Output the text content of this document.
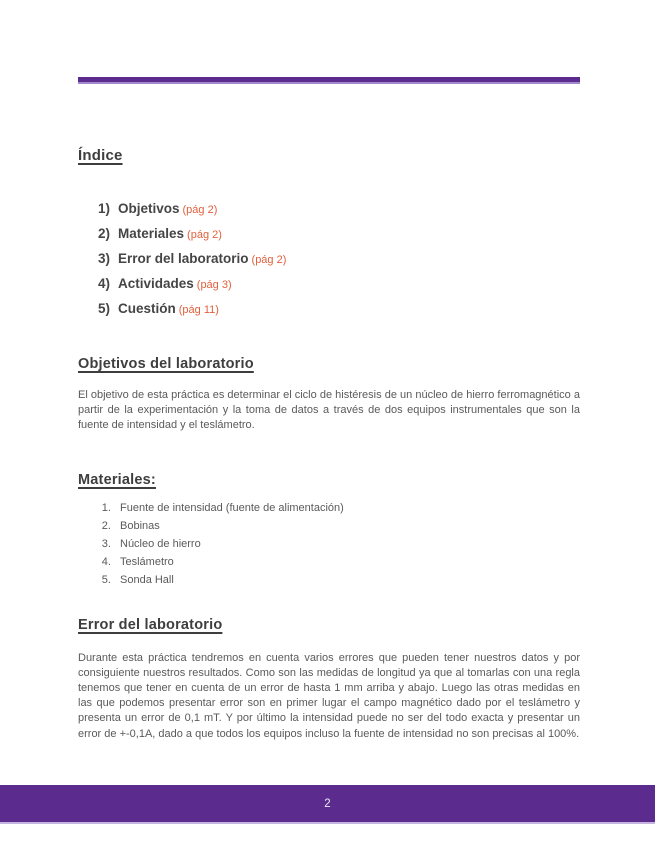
Índice
1) Objetivos (pág 2)
2) Materiales (pág 2)
3) Error del laboratorio (pág 2)
4) Actividades (pág 3)
5) Cuestión (pág 11)
Objetivos del laboratorio

El objetivo de esta práctica es determinar el ciclo de histéresis de un núcleo de hierro ferromagnético a partir de la experimentación y la toma de datos a través de dos equipos instrumentales que son la fuente de intensidad y el teslámetro.

Materiales:
1. Fuente de intensidad (fuente de alimentación)
2. Bobinas
3. Núcleo de hierro
4. Teslámetro
5. Sonda Hall
Error del laboratorio

Durante esta práctica tendremos en cuenta varios errores que pueden tener nuestros datos y por consiguiente nuestros resultados. Como son las medidas de longitud ya que al tomarlas con una regla tenemos que tener en cuenta de un error de hasta 1 mm arriba y abajo. Luego las otras medidas en las que podemos presentar error son en primer lugar el campo magnético dado por el teslámetro y presenta un error de 0,1 mT. Y por último la intensidad puede no ser del todo exacta y presentar un error de +-0,1A, dado a que todos los equipos incluso la fuente de intensidad no son precisas al 100%.

2
